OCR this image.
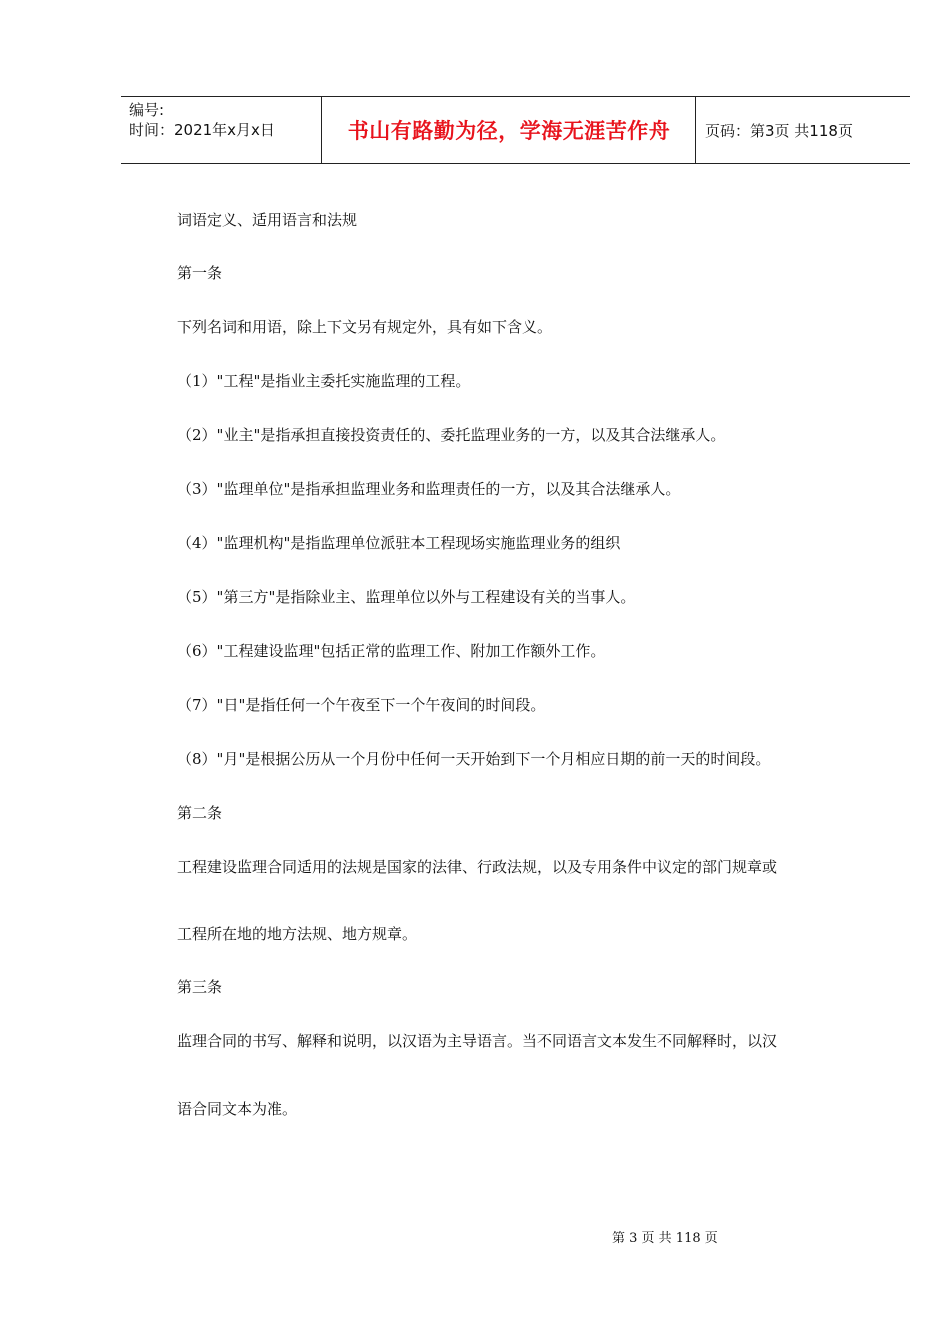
编号:
时间：2021年x月x日	书山有路勤为径，学海无涯苦作舟	页码：第3页 共118页
词语定义、适用语言和法规
第一条
下列名词和用语，除上下文另有规定外，具有如下含义。
（1）"工程"是指业主委托实施监理的工程。
（2）"业主"是指承担直接投资责任的、委托监理业务的一方，以及其合法继承人。
（3）"监理单位"是指承担监理业务和监理责任的一方，以及其合法继承人。
（4）"监理机构"是指监理单位派驻本工程现场实施监理业务的组织
（5）"第三方"是指除业主、监理单位以外与工程建设有关的当事人。
（6）"工程建设监理"包括正常的监理工作、附加工作额外工作。
（7）"日"是指任何一个午夜至下一个午夜间的时间段。
（8）"月"是根据公历从一个月份中任何一天开始到下一个月相应日期的前一天的时间段。
第二条
工程建设监理合同适用的法规是国家的法律、行政法规，以及专用条件中议定的部门规章或
工程所在地的地方法规、地方规章。
第三条
监理合同的书写、解释和说明，以汉语为主导语言。当不同语言文本发生不同解释时，以汉
语合同文本为准。
第 3 页 共 118 页
